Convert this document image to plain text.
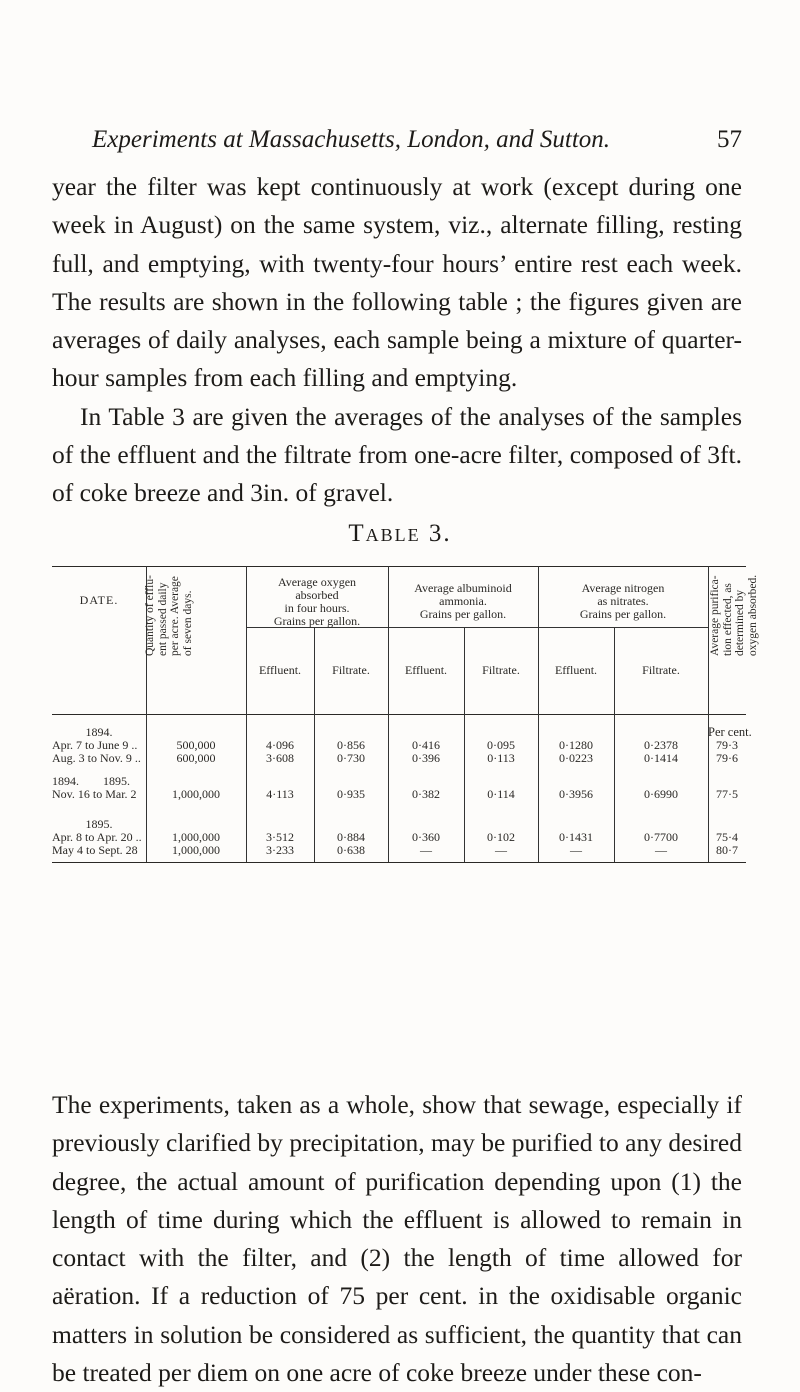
Experiments at Massachusetts, London, and Sutton.	57
year the filter was kept continuously at work (except during one week in August) on the same system, viz., alternate filling, resting full, and emptying, with twenty-four hours’ entire rest each week. The results are shown in the following table ; the figures given are averages of daily analyses, each sample being a mixture of quarter-hour samples from each filling and emptying.
In Table 3 are given the averages of the analyses of the samples of the effluent and the filtrate from one-acre filter, composed of 3ft. of coke breeze and 3in. of gravel.
Table 3.
DATE.	Quantity of efflu- ent passed daily per acre. Average of seven days.
Average oxygen
absorbed
in four hours.
Grains per gallon.
Average albuminoid
ammonia.
Grains per gallon.
Average nitrogen
as nitrates.
Grains per gallon.	Average purifica- tion effected, as determined by oxygen absorbed.
Effluent.	Filtrate.	Effluent.	Filtrate.	Effluent.	Filtrate.
Per cent.
1894.
Apr. 7 to June 9 ..	500,000	4·096	0·856	0·416	0·095	0·1280	0·2378	79·3
Aug. 3 to Nov. 9 ..	600,000	3·608	0·730	0·396	0·113	0·0223	0·1414	79·6
1894.        1895.
Nov. 16 to Mar. 2	1,000,000	4·113	0·935	0·382	0·114	0·3956	0·6990	77·5
1895.
Apr. 8 to Apr. 20 ..	1,000,000	3·512	0·884	0·360	0·102	0·1431	0·7700	75·4
May 4 to Sept. 28	1,000,000	3·233	0·638	—	—	—	—	80·7
The experiments, taken as a whole, show that sewage, especially if previously clarified by precipitation, may be purified to any desired degree, the actual amount of purification depending upon (1) the length of time during which the effluent is allowed to remain in contact with the filter, and (2) the length of time allowed for aëration. If a reduction of 75 per cent. in the oxidisable organic matters in solution be considered as sufficient, the quantity that can be treated per diem on one acre of coke breeze under these con-
